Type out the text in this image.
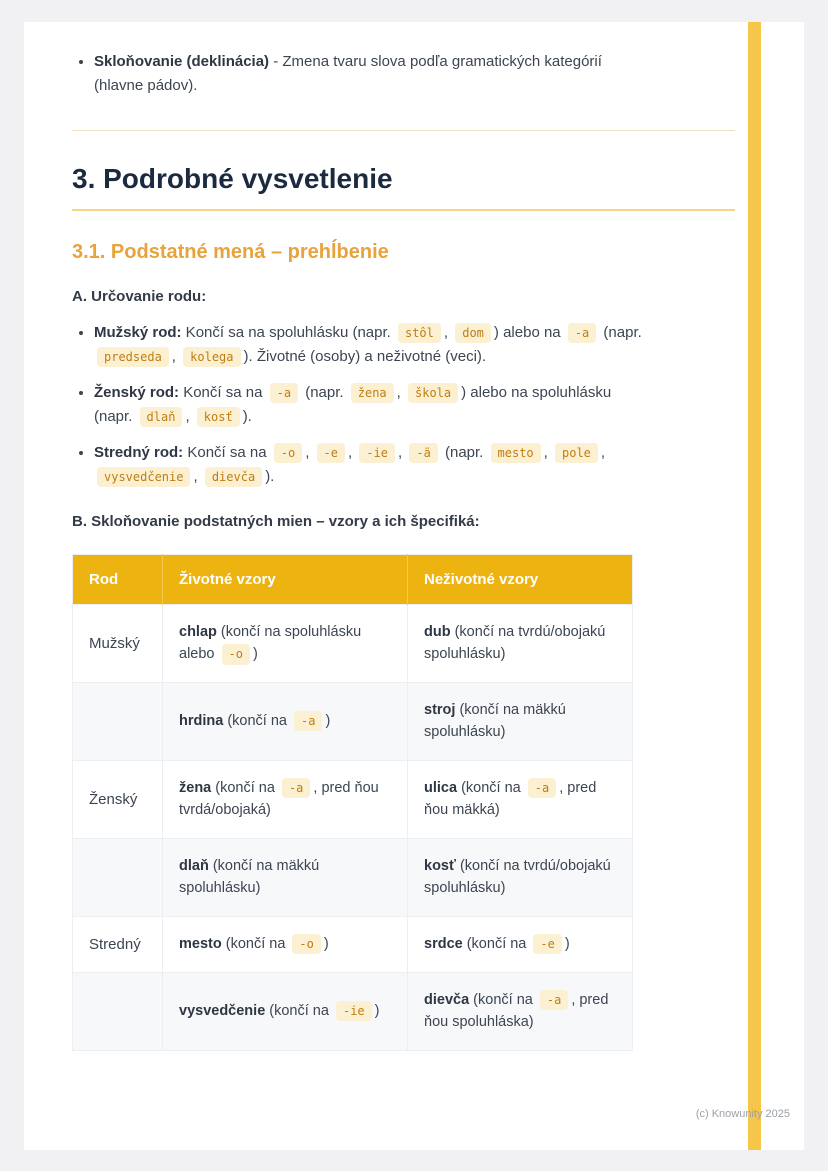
• Skloňovanie (deklinácia) - Zmena tvaru slova podľa gramatických kategórií (hlavne pádov).
3. Podrobné vysvetlenie
3.1. Podstatné mená – prehĺbenie

A. Určovanie rodu:

• Mužský rod: Končí sa na spoluhlásku (napr. stôl , dom ) alebo na -a (napr. predseda , kolega ). Životné (osoby) a neživotné (veci).
• Ženský rod: Končí sa na -a (napr. žena , škola ) alebo na spoluhlásku (napr. dlaň , kosť ).
• Stredný rod: Končí sa na -o , -e , -ie , -ä (napr. mesto , pole , vysvedčenie , dievča ).

B. Skloňovanie podstatných mien – vzory a ich špecifiká:

Rod	Životné vzory	Neživotné vzory
Mužský	chlap (končí na spoluhlásku alebo -o )	dub (končí na tvrdú/obojakú spoluhlásku)
	hrdina (končí na -a )	stroj (končí na mäkkú spoluhlásku)
Ženský	žena (končí na -a , pred ňou tvrdá/obojaká)	ulica (končí na -a , pred ňou mäkká)
	dlaň (končí na mäkkú spoluhlásku)	kosť (končí na tvrdú/obojakú spoluhlásku)
Stredný	mesto (končí na -o )	srdce (končí na -e )
	vysvedčenie (končí na -ie )	dievča (končí na -a , pred ňou spoluhláska)
(c) Knowunity 2025
